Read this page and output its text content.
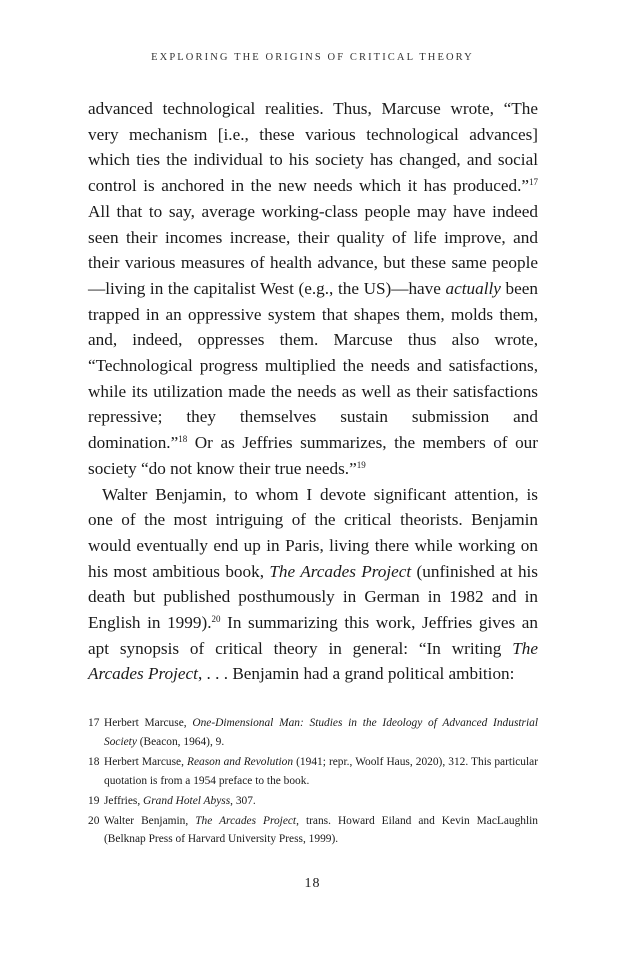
EXPLORING THE ORIGINS OF CRITICAL THEORY

advanced technological realities. Thus, Marcuse wrote, “The very mechanism [i.e., these various technological advances] which ties the individual to his society has changed, and social control is anchored in the new needs which it has produced.”$^{17}$ All that to say, average working-class people may have indeed seen their incomes increase, their quality of life improve, and their various measures of health advance, but these same people—living in the capitalist West (e.g., the US)—have actually been trapped in an oppressive system that shapes them, molds them, and, indeed, oppresses them. Marcuse thus also wrote, “Technological progress multiplied the needs and satisfactions, while its utilization made the needs as well as their satisfactions repressive; they themselves sustain submission and domination.”$^{18}$ Or as Jeffries summarizes, the members of our society “do not know their true needs.”$^{19}$

Walter Benjamin, to whom I devote significant attention, is one of the most intriguing of the critical theorists. Benjamin would eventually end up in Paris, living there while working on his most ambitious book, The Arcades Project (unfinished at his death but published posthumously in German in 1982 and in English in 1999).$^{20}$ In summarizing this work, Jeffries gives an apt synopsis of critical theory in general: “In writing The Arcades Project, . . . Benjamin had a grand political ambition:

17 Herbert Marcuse, One-Dimensional Man: Studies in the Ideology of Advanced Industrial Society (Beacon, 1964), 9.
18 Herbert Marcuse, Reason and Revolution (1941; repr., Woolf Haus, 2020), 312. This particular quotation is from a 1954 preface to the book.
19 Jeffries, Grand Hotel Abyss, 307.
20 Walter Benjamin, The Arcades Project, trans. Howard Eiland and Kevin MacLaughlin (Belknap Press of Harvard University Press, 1999).
18
